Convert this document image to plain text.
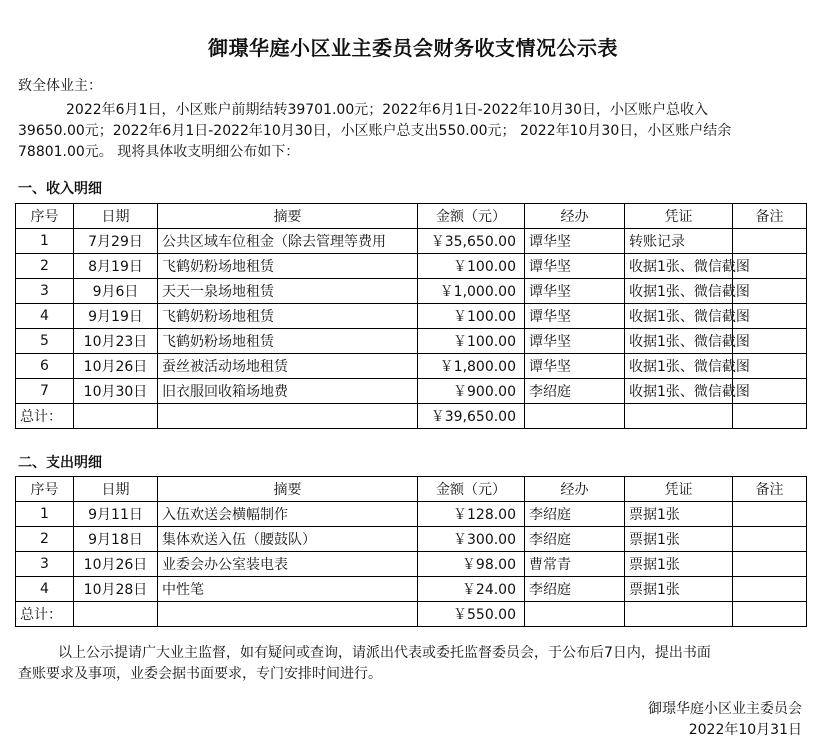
御璟华庭小区业主委员会财务收支情况公示表
致全体业主：
2022年6月1日，小区账户前期结转39701.00元；2022年6月1日-2022年10月30日，小区账户总收入
39650.00元；2022年6月1日-2022年10月30日，小区账户总支出550.00元； 2022年10月30日，小区账户结余
78801.00元。 现将具体收支明细公布如下：
一、收入明细
序号	日期	摘要	金额（元）	经办	凭证	备注
1	7月29日	公共区域车位租金（除去管理等费用	￥35,650.00	谭华坚	转账记录	
2	8月19日	飞鹤奶粉场地租赁	￥100.00	谭华坚	收据1张、微信截图	
3	9月6日	天天一泉场地租赁	￥1,000.00	谭华坚	收据1张、微信截图	
4	9月19日	飞鹤奶粉场地租赁	￥100.00	谭华坚	收据1张、微信截图	
5	10月23日	飞鹤奶粉场地租赁	￥100.00	谭华坚	收据1张、微信截图	
6	10月26日	蚕丝被活动场地租赁	￥1,800.00	谭华坚	收据1张、微信截图	
7	10月30日	旧衣服回收箱场地费	￥900.00	李绍庭	收据1张、微信截图	
总计：			￥39,650.00			
二、支出明细
序号	日期	摘要	金额（元）	经办	凭证	备注
1	9月11日	入伍欢送会横幅制作	￥128.00	李绍庭	票据1张	
2	9月18日	集体欢送入伍（腰鼓队）	￥300.00	李绍庭	票据1张	
3	10月26日	业委会办公室装电表	￥98.00	曹常青	票据1张	
4	10月28日	中性笔	￥24.00	李绍庭	票据1张	
总计：			￥550.00			
以上公示提请广大业主监督，如有疑问或查询，请派出代表或委托监督委员会，于公布后7日内，提出书面
查账要求及事项，业委会据书面要求，专门安排时间进行。
御璟华庭小区业主委员会
2022年10月31日
